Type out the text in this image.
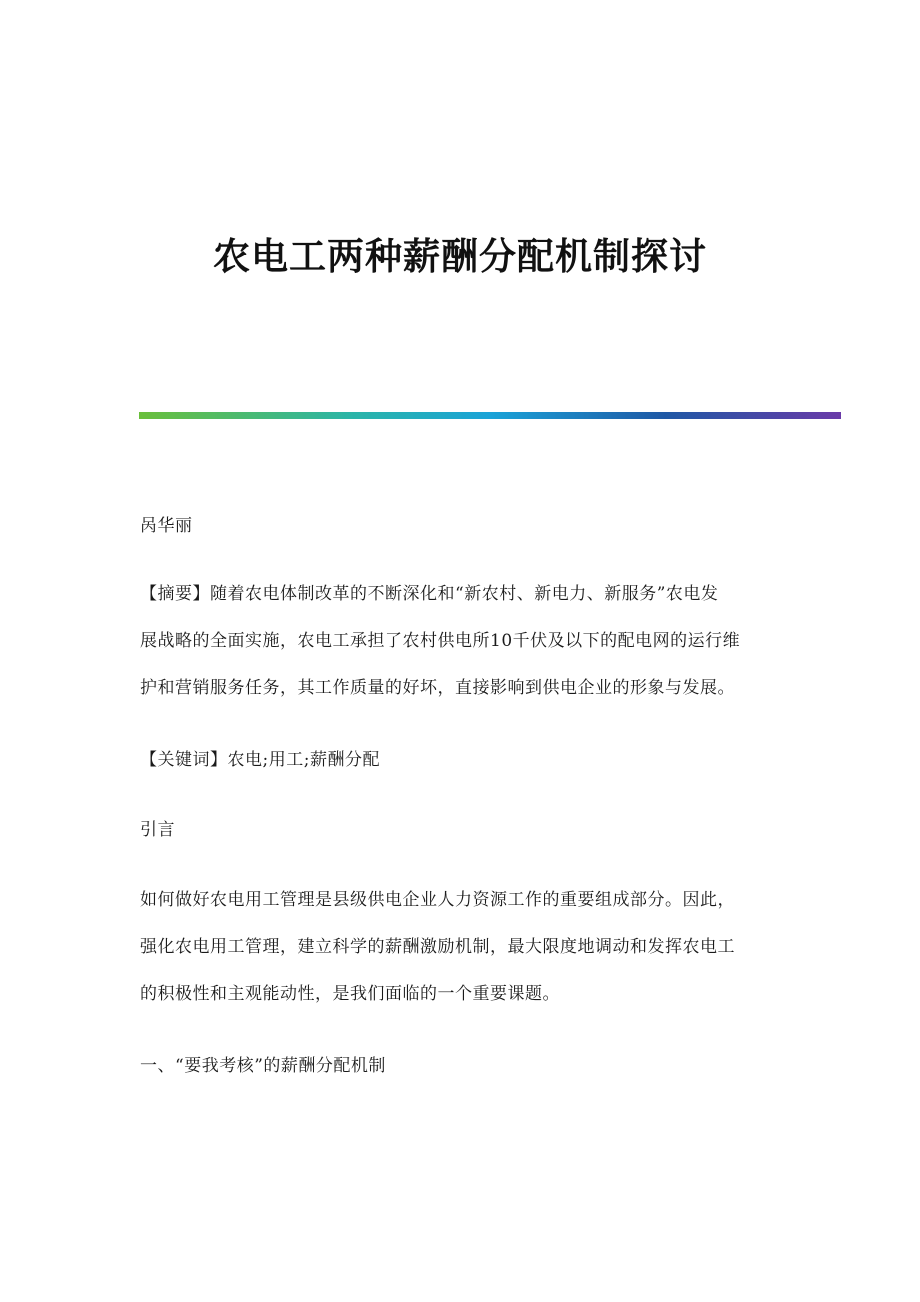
农电工两种薪酬分配机制探讨
呙华丽
【摘要】随着农电体制改革的不断深化和“新农村、新电力、新服务”农电发
展战略的全面实施，农电工承担了农村供电所10千伏及以下的配电网的运行维
护和营销服务任务，其工作质量的好坏，直接影响到供电企业的形象与发展。
【关键词】农电;用工;薪酬分配
引言
如何做好农电用工管理是县级供电企业人力资源工作的重要组成部分。因此，
强化农电用工管理，建立科学的薪酬激励机制，最大限度地调动和发挥农电工
的积极性和主观能动性，是我们面临的一个重要课题。
一、“要我考核”的薪酬分配机制
